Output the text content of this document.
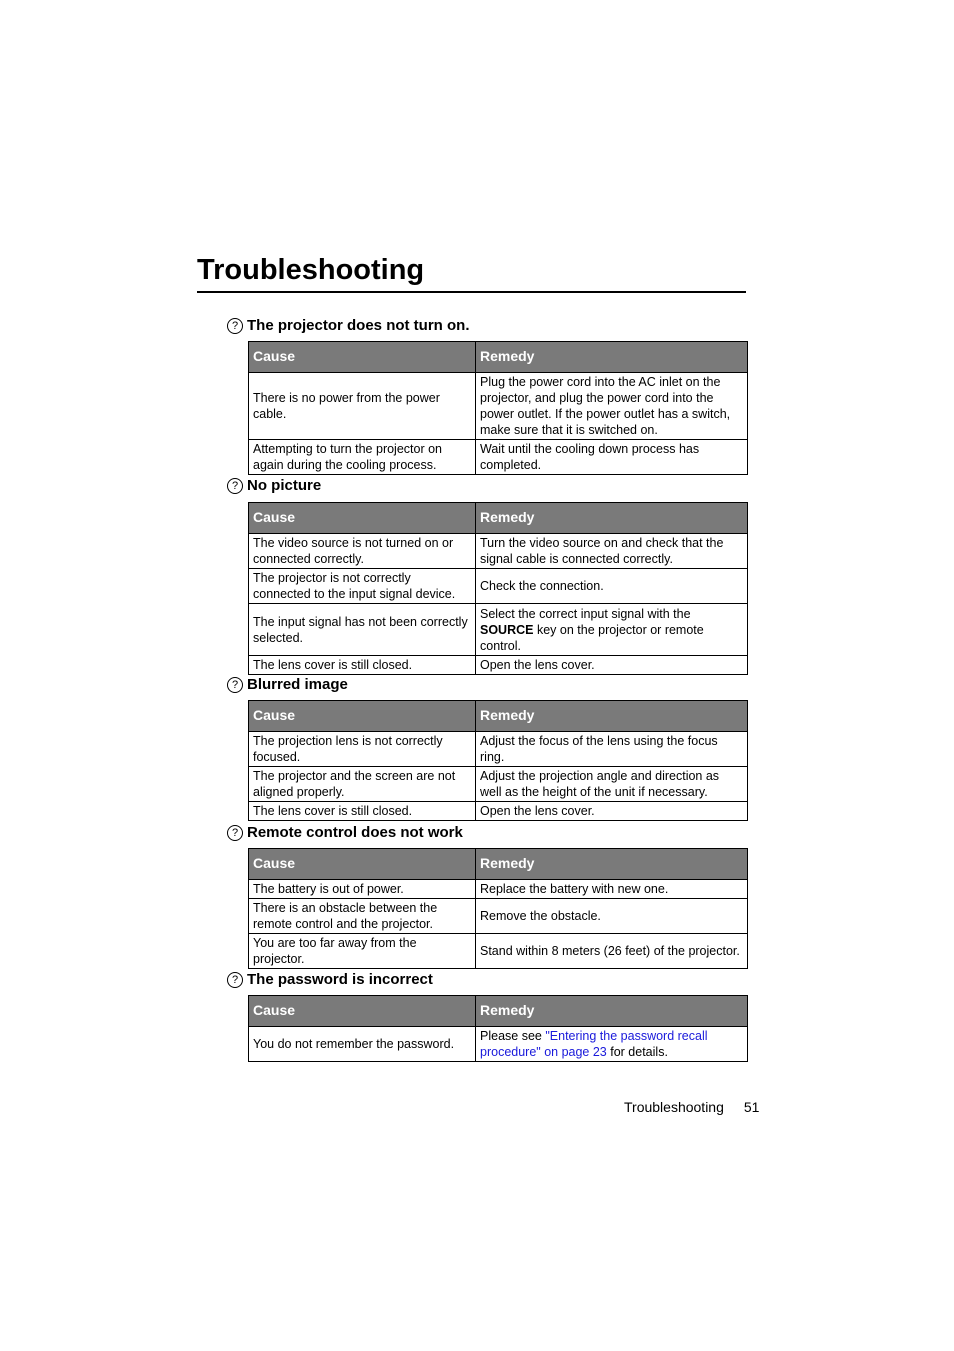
Troubleshooting
? The projector does not turn on.
Cause	Remedy
There is no power from the power cable.	Plug the power cord into the AC inlet on the projector, and plug the power cord into the power outlet. If the power outlet has a switch, make sure that it is switched on.
Attempting to turn the projector on again during the cooling process.	Wait until the cooling down process has completed.
? No picture
Cause	Remedy
The video source is not turned on or connected correctly.	Turn the video source on and check that the signal cable is connected correctly.
The projector is not correctly connected to the input signal device.	Check the connection.
The input signal has not been correctly selected.	Select the correct input signal with the SOURCE key on the projector or remote control.
The lens cover is still closed.	Open the lens cover.
? Blurred image
Cause	Remedy
The projection lens is not correctly focused.	Adjust the focus of the lens using the focus ring.
The projector and the screen are not aligned properly.	Adjust the projection angle and direction as well as the height of the unit if necessary.
The lens cover is still closed.	Open the lens cover.
? Remote control does not work
Cause	Remedy
The battery is out of power.	Replace the battery with new one.
There is an obstacle between the remote control and the projector.	Remove the obstacle.
You are too far away from the projector.	Stand within 8 meters (26 feet) of the projector.
? The password is incorrect
Cause	Remedy
You do not remember the password.	Please see "Entering the password recall procedure" on page 23 for details.
Troubleshooting 51
